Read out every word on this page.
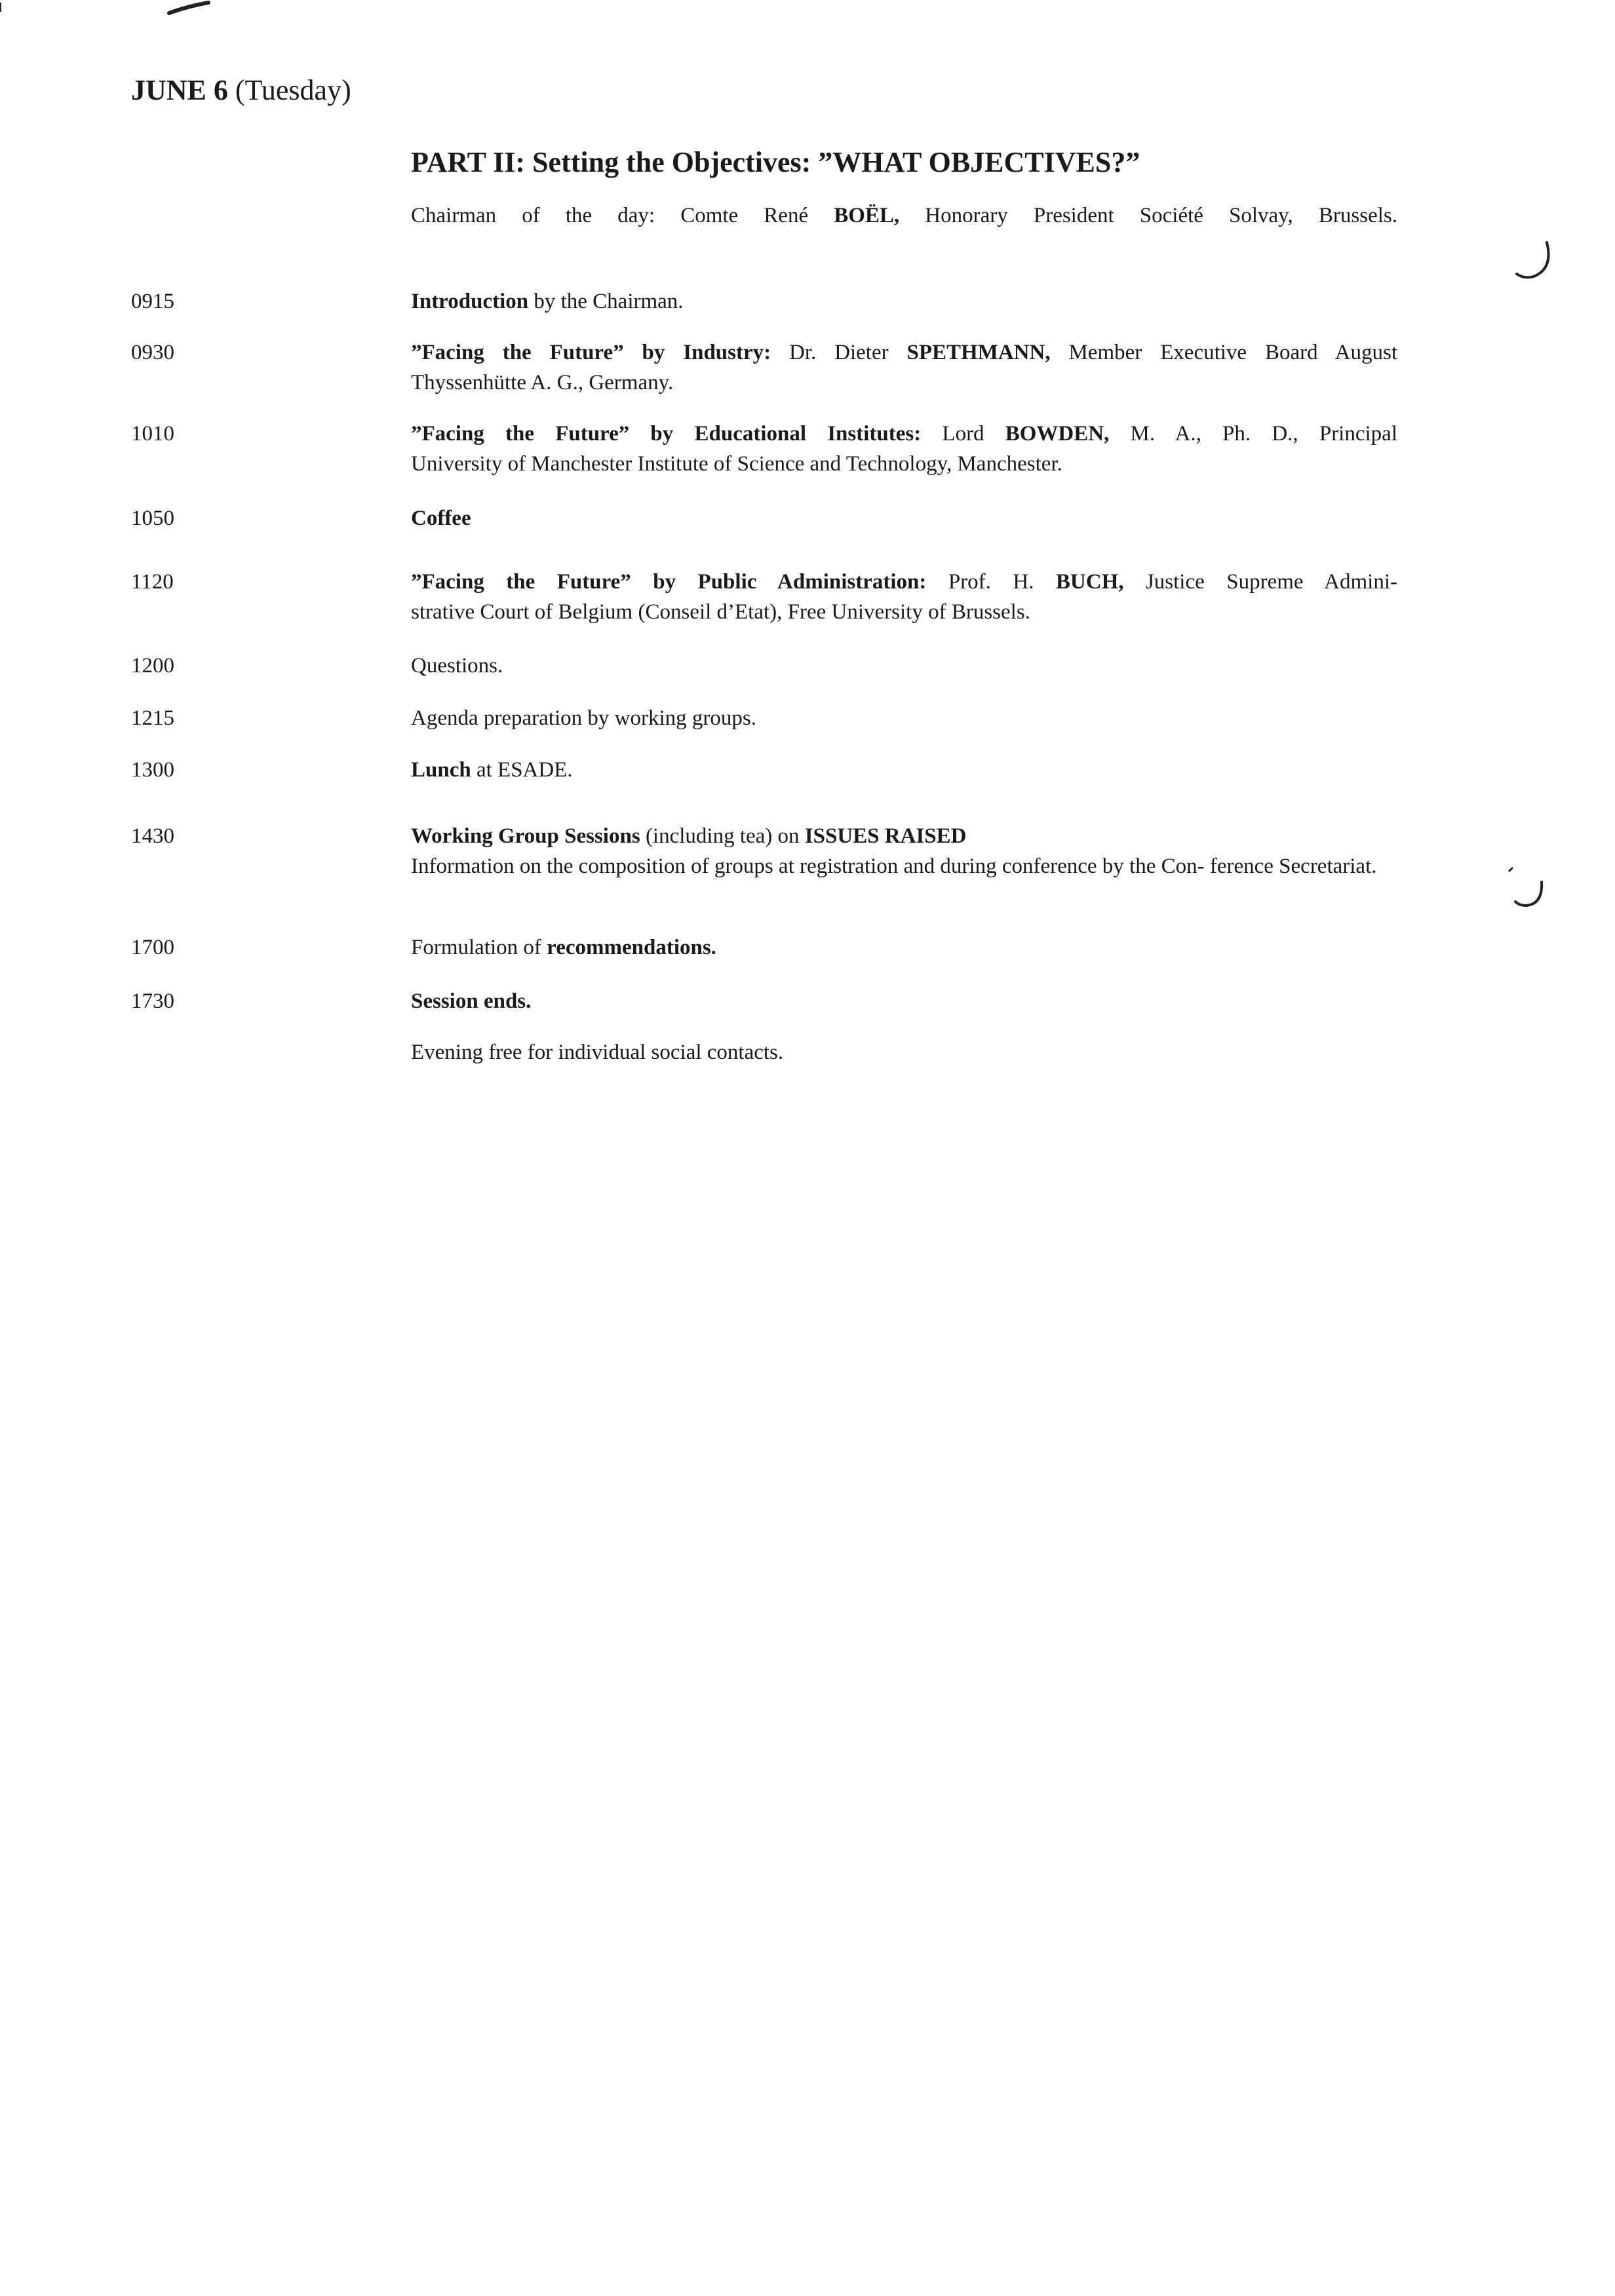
JUNE 6 (Tuesday)
PART II: Setting the Objectives: ”WHAT OBJECTIVES?”
Chairman of the day: Comte René BOËL, Honorary President Société Solvay, Brussels.
0915	Introduction by the Chairman.
0930	”Facing the Future” by Industry: Dr. Dieter SPETHMANN, Member Executive Board August
Thyssenhütte A. G., Germany.
1010	”Facing the Future” by Educational Institutes: Lord BOWDEN, M. A., Ph. D., Principal
University of Manchester Institute of Science and Technology, Manchester.
1050	Coffee
1120	”Facing the Future” by Public Administration: Prof. H. BUCH, Justice Supreme Admini-
strative Court of Belgium (Conseil d’Etat), Free University of Brussels.
1200	Questions.
1215	Agenda preparation by working groups.
1300	Lunch at ESADE.
1430	Working Group Sessions (including tea) on ISSUES RAISED
Information on the composition of groups at registration and during conference by the Con- ference Secretariat.
1700	Formulation of recommendations.
1730	Session ends.
Evening free for individual social contacts.
